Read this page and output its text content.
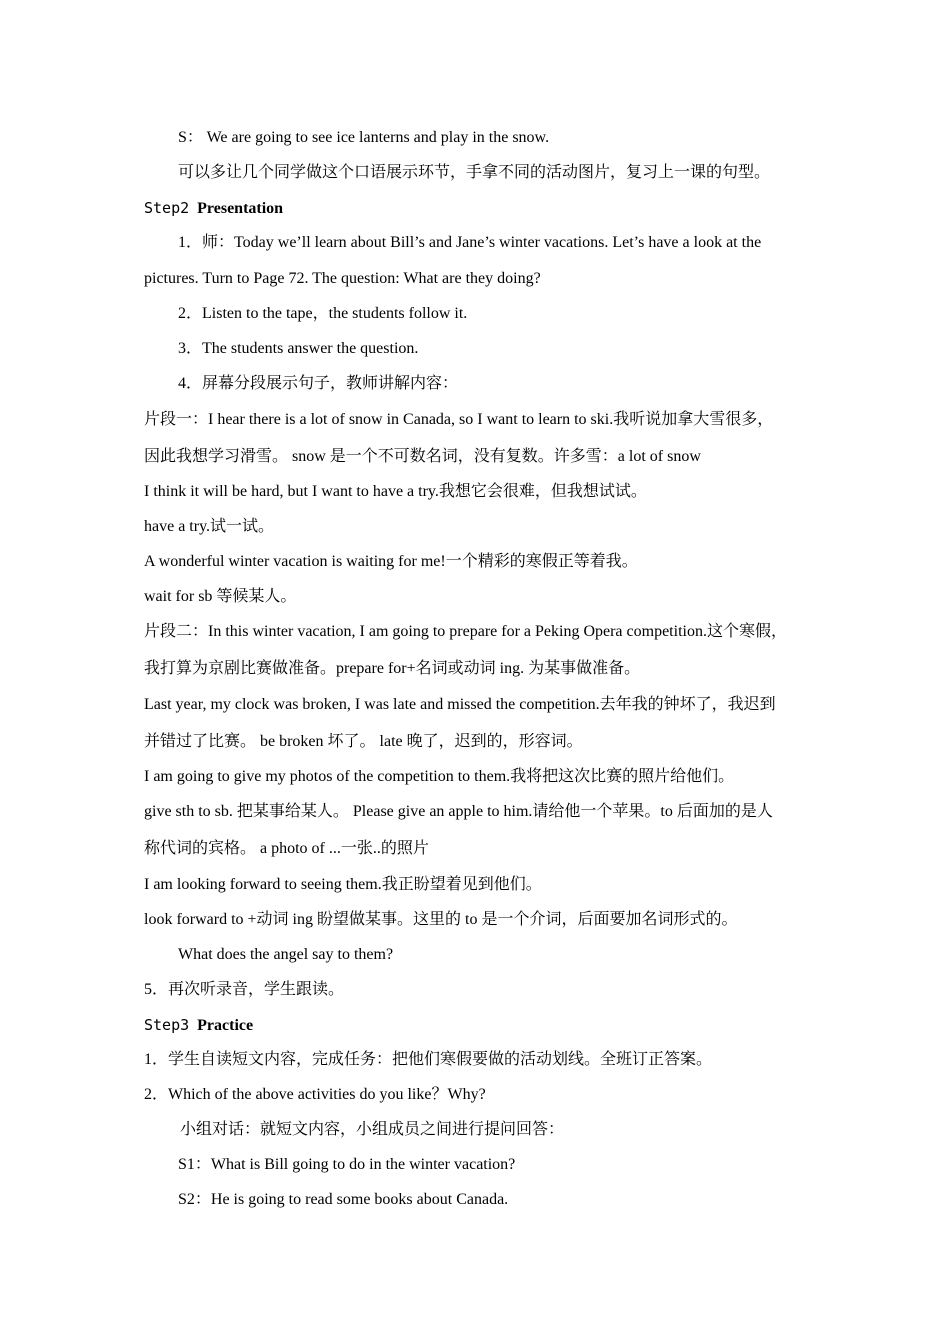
S： We are going to see ice lanterns and play in the snow.
可以多让几个同学做这个口语展示环节，手拿不同的活动图片，复习上一课的句型。
Step2 Presentation
1．师：Today we’ll learn about Bill’s and Jane’s winter vacations. Let’s have a look at the
pictures. Turn to Page 72. The question: What are they doing?
2．Listen to the tape，the students follow it.
3．The students answer the question.
4．屏幕分段展示句子，教师讲解内容：
片段一：I hear there is a lot of snow in Canada, so I want to learn to ski.我听说加拿大雪很多，
因此我想学习滑雪。 snow 是一个不可数名词，没有复数。许多雪：a lot of snow
I think it will be hard, but I want to have a try.我想它会很难，但我想试试。
have a try.试一试。
A wonderful winter vacation is waiting for me!一个精彩的寒假正等着我。
wait for sb 等候某人。
片段二：In this winter vacation, I am going to prepare for a Peking Opera competition.这个寒假，
我打算为京剧比赛做准备。prepare for+名词或动词 ing. 为某事做准备。
Last year, my clock was broken, I was late and missed the competition.去年我的钟坏了，我迟到
并错过了比赛。 be broken 坏了。 late 晚了，迟到的，形容词。
I am going to give my photos of the competition to them.我将把这次比赛的照片给他们。
give sth to sb. 把某事给某人。 Please give an apple to him.请给他一个苹果。to 后面加的是人
称代词的宾格。 a photo of ...一张..的照片
I am looking forward to seeing them.我正盼望着见到他们。
look forward to +动词 ing 盼望做某事。这里的 to 是一个介词，后面要加名词形式的。
What does the angel say to them?
5．再次听录音，学生跟读。
Step3 Practice
1．学生自读短文内容，完成任务：把他们寒假要做的活动划线。全班订正答案。
2．Which of the above activities do you like？Why?
小组对话：就短文内容，小组成员之间进行提问回答：
S1：What is Bill going to do in the winter vacation?
S2：He is going to read some books about Canada.
